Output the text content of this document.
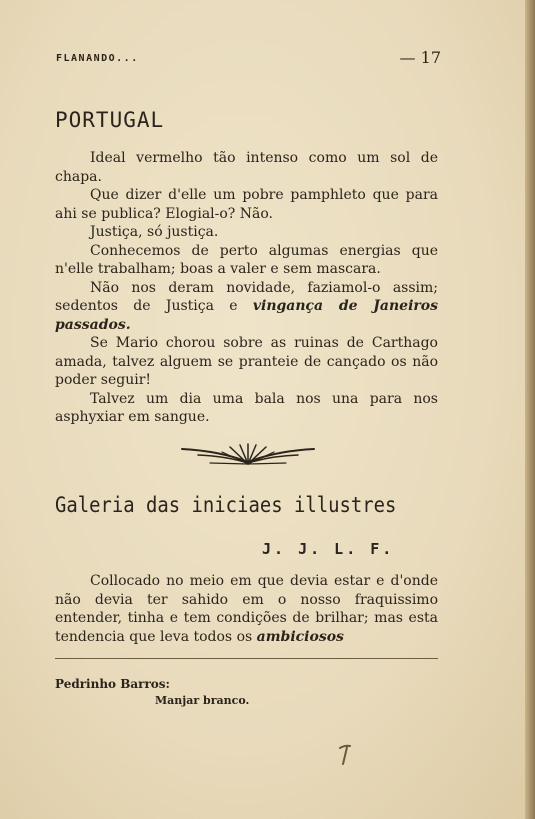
FLANANDO...	— 17
PORTUGAL

Ideal vermelho tão intenso como um sol de chapa.

Que dizer d'elle um pobre pamphleto que para ahi se publica? Elogial-o? Não.

Justiça, só justiça.

Conhecemos de perto algumas energias que n'elle trabalham; boas a valer e sem mascara.

Não nos deram novidade, faziamol-o assim; sedentos de Justiça e vingança de Janeiros passados.

Se Mario chorou sobre as ruinas de Carthago amada, talvez alguem se pranteie de cançado os não poder seguir!

Talvez um dia uma bala nos una para nos asphyxiar em sangue.

Galeria das iniciaes illustres
J. J. L. F.

Collocado no meio em que devia estar e d'onde não devia ter sahido em o nosso fraquissimo entender, tinha e tem condições de brilhar; mas esta tendencia que leva todos os ambiciosos

Pedrinho Barros:
Manjar branco.
